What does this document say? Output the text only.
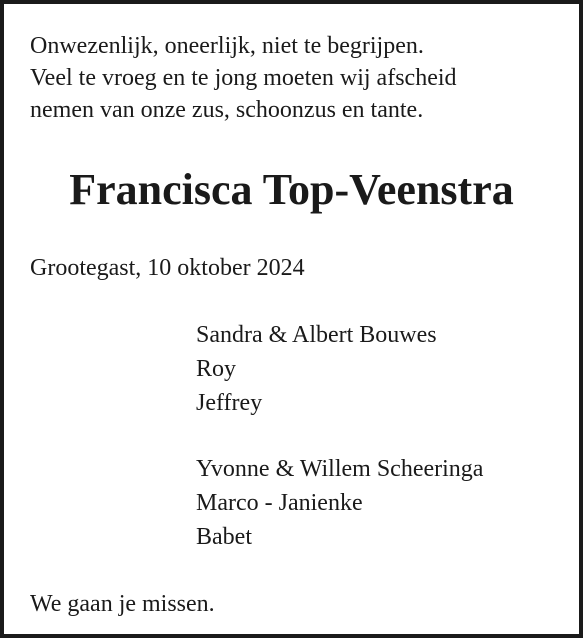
Onwezenlijk, oneerlijk, niet te begrijpen.
Veel te vroeg en te jong moeten wij afscheid
nemen van onze zus, schoonzus en tante.
Francisca Top-Veenstra
Grootegast, 10 oktober 2024
Sandra & Albert Bouwes
Roy
Jeffrey
Yvonne & Willem Scheeringa
Marco - Janienke
Babet
We gaan je missen.
